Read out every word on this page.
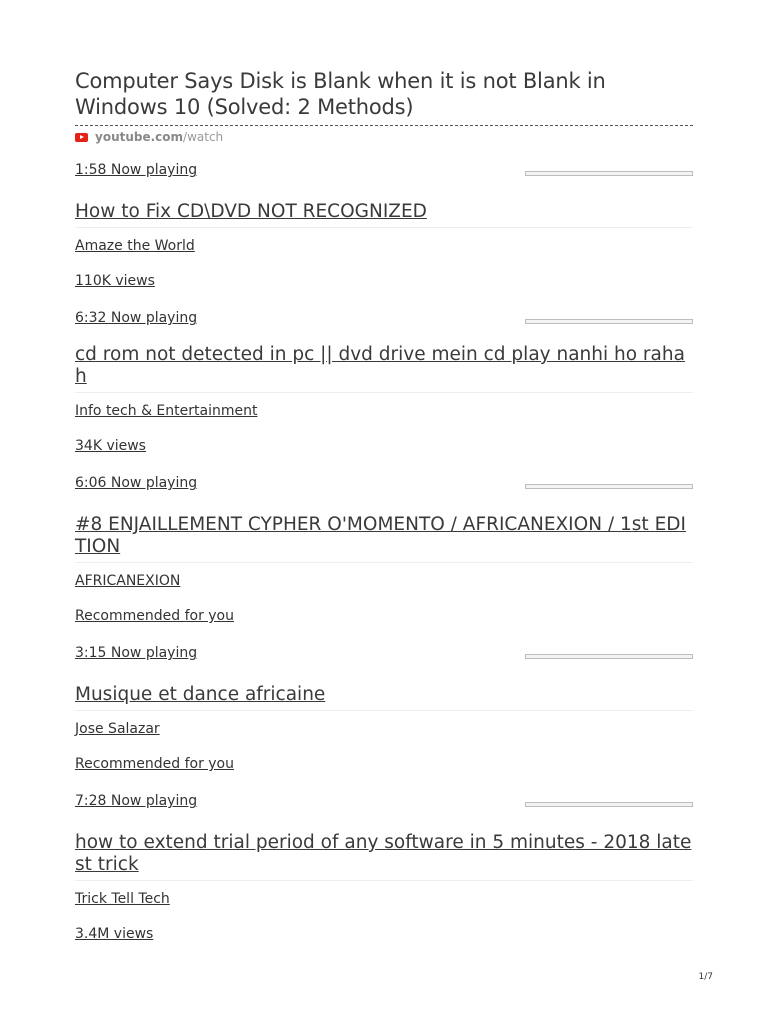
Computer Says Disk is Blank when it is not Blank in Windows 10 (Solved: 2 Methods)
youtube.com /watch
1:58 Now playing
How to Fix CD\DVD NOT RECOGNIZED
Amaze the World
110K views
6:32 Now playing
cd rom not detected in pc || dvd drive mein cd play nanhi ho rahah
Info tech & Entertainment
34K views
6:06 Now playing
#8 ENJAILLEMENT CYPHER O'MOMENTO / AFRICANEXION / 1st EDITION
AFRICANEXION
Recommended for you
3:15 Now playing
Musique et dance africaine
Jose Salazar
Recommended for you
7:28 Now playing
how to extend trial period of any software in 5 minutes - 2018 latest trick
Trick Tell Tech
3.4M views
1/7
